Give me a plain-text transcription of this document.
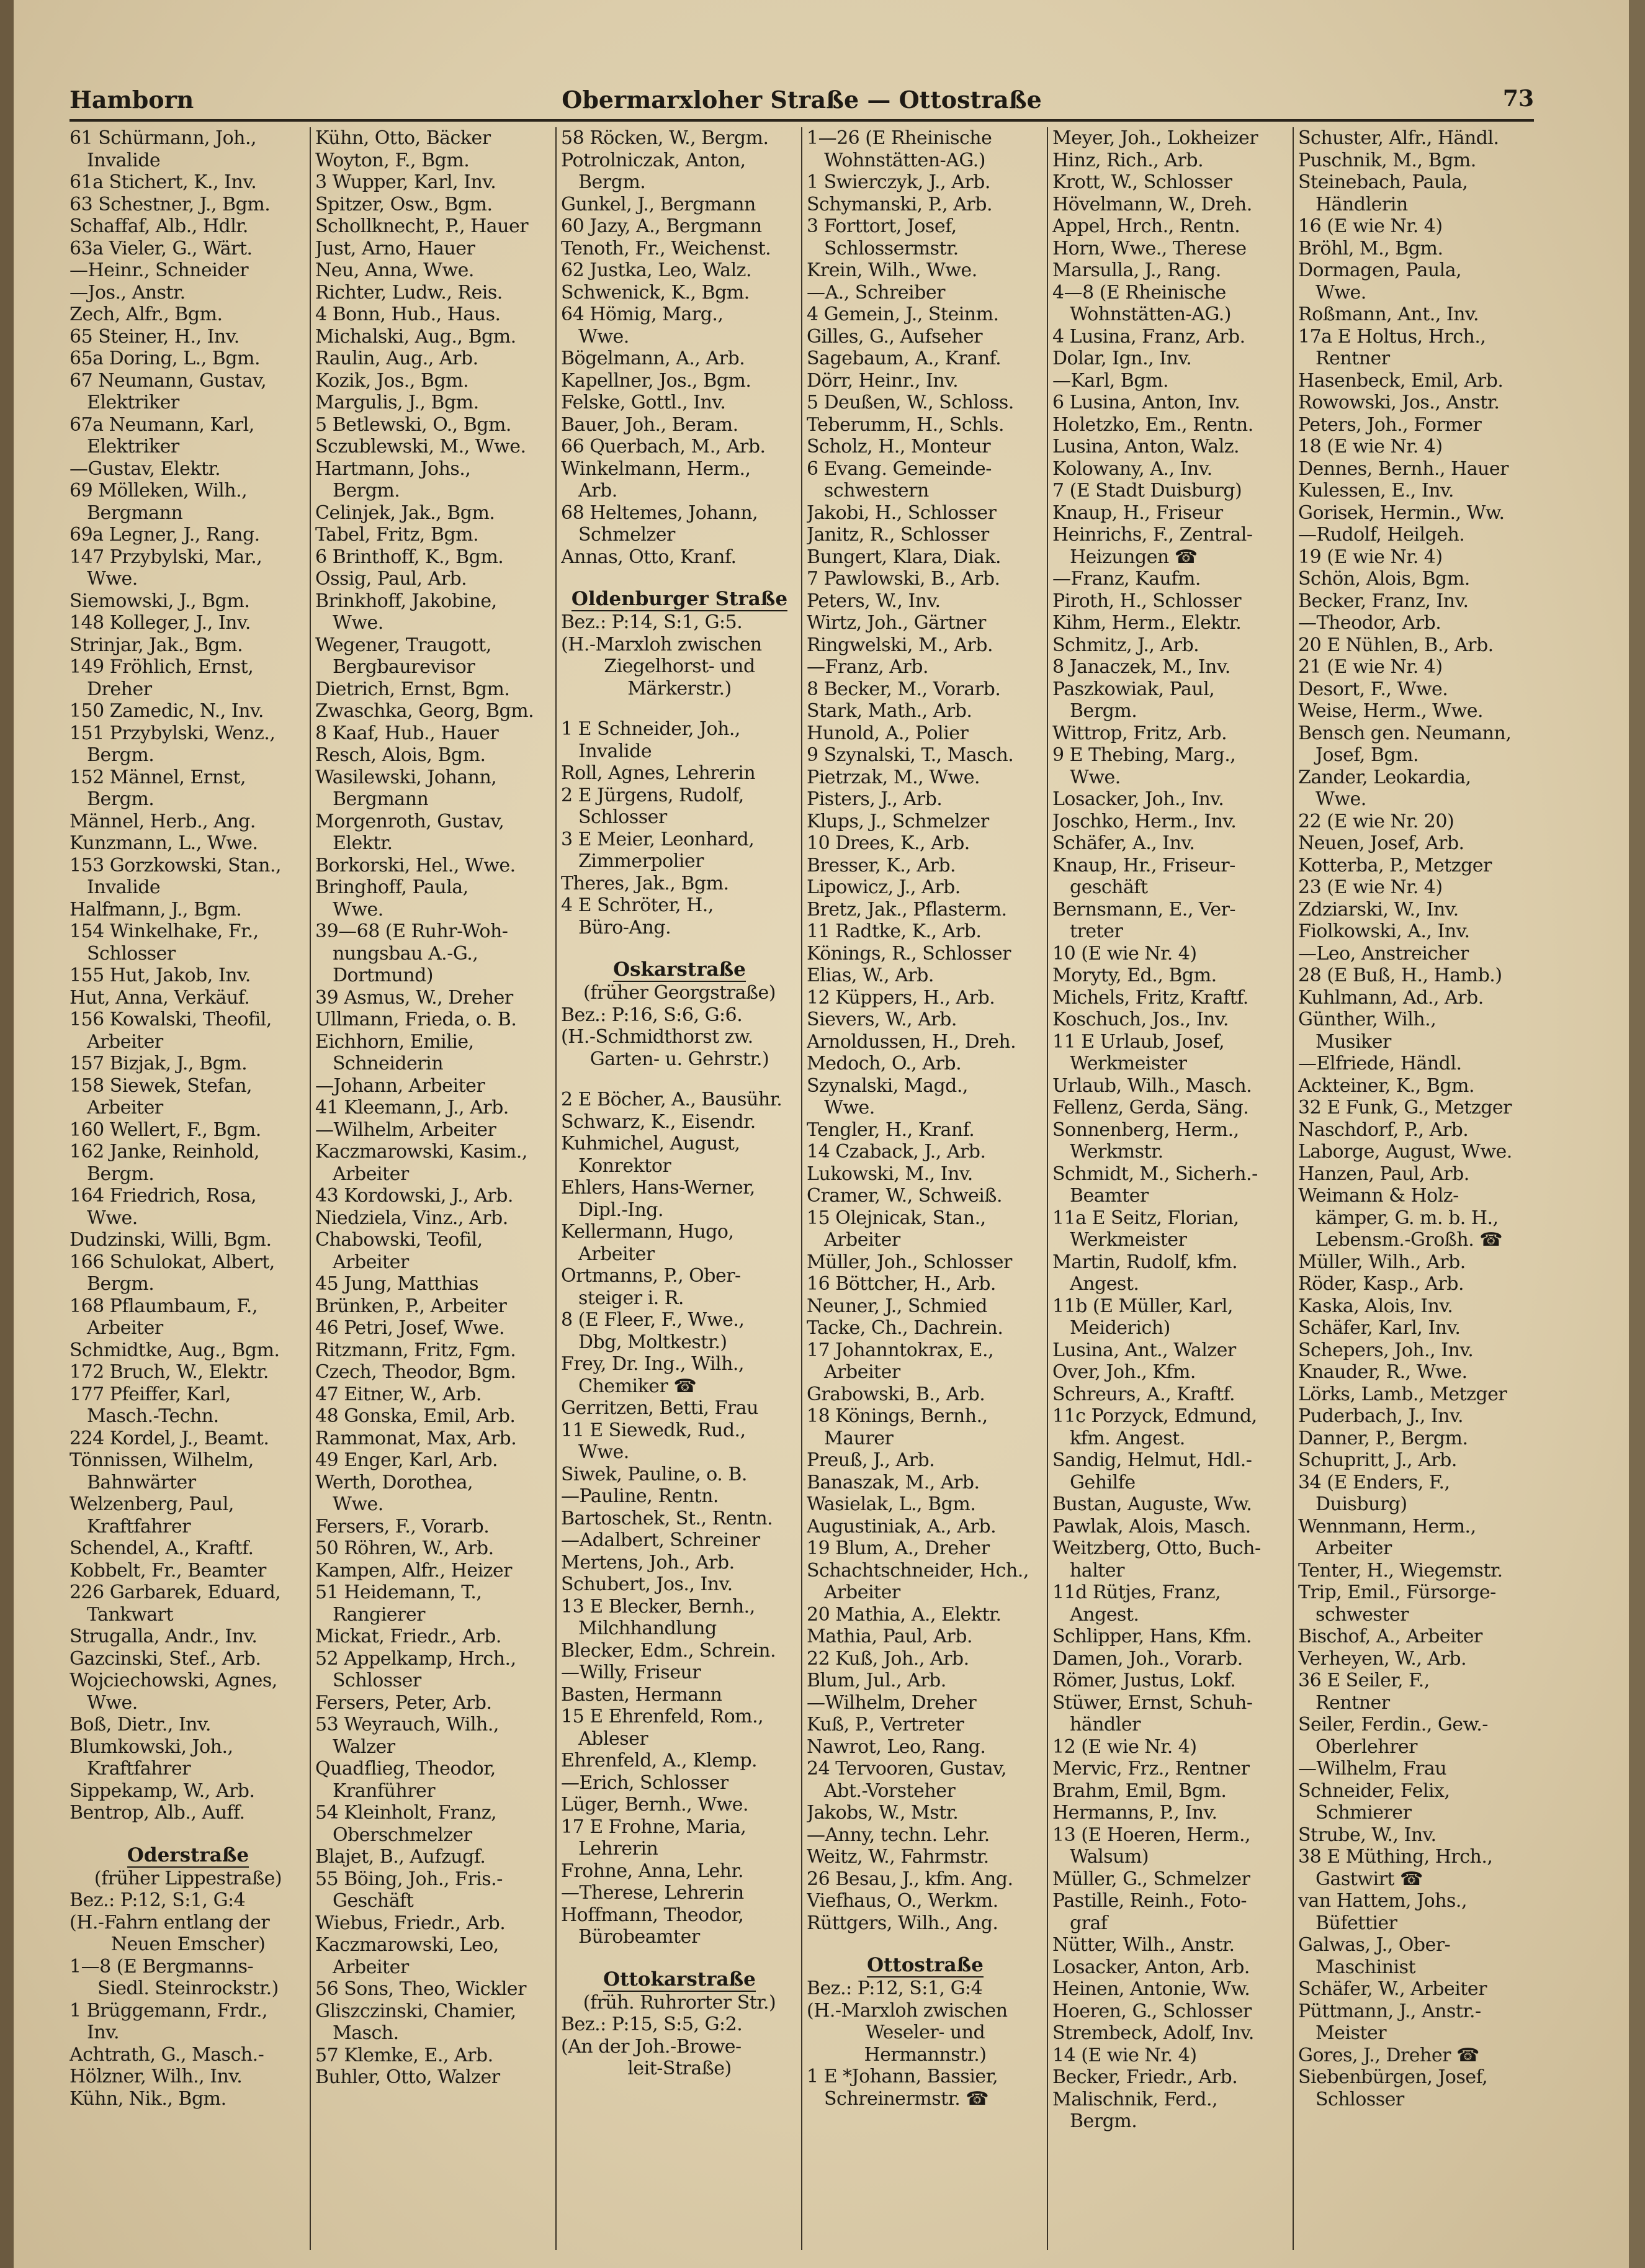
Obermarxloher Straße — Ottostraße
Hamborn	73
61 Schürmann, Joh.,
Invalide
61a Stichert, K., Inv.
63 Schestner, J., Bgm.
Schaffaf, Alb., Hdlr.
63a Vieler, G., Wärt.
—Heinr., Schneider
—Jos., Anstr.
Zech, Alfr., Bgm.
65 Steiner, H., Inv.
65a Doring, L., Bgm.
67 Neumann, Gustav,
Elektriker
67a Neumann, Karl,
Elektriker
—Gustav, Elektr.
69 Mölleken, Wilh.,
Bergmann
69a Legner, J., Rang.
147 Przybylski, Mar.,
Wwe.
Siemowski, J., Bgm.
148 Kolleger, J., Inv.
Strinjar, Jak., Bgm.
149 Fröhlich, Ernst,
Dreher
150 Zamedic, N., Inv.
151 Przybylski, Wenz.,
Bergm.
152 Männel, Ernst,
Bergm.
Männel, Herb., Ang.
Kunzmann, L., Wwe.
153 Gorzkowski, Stan.,
Invalide
Halfmann, J., Bgm.
154 Winkelhake, Fr.,
Schlosser
155 Hut, Jakob, Inv.
Hut, Anna, Verkäuf.
156 Kowalski, Theofil,
Arbeiter
157 Bizjak, J., Bgm.
158 Siewek, Stefan,
Arbeiter
160 Wellert, F., Bgm.
162 Janke, Reinhold,
Bergm.
164 Friedrich, Rosa,
Wwe.
Dudzinski, Willi, Bgm.
166 Schulokat, Albert,
Bergm.
168 Pflaumbaum, F.,
Arbeiter
Schmidtke, Aug., Bgm.
172 Bruch, W., Elektr.
177 Pfeiffer, Karl,
Masch.-Techn.
224 Kordel, J., Beamt.
Tönnissen, Wilhelm,
Bahnwärter
Welzenberg, Paul,
Kraftfahrer
Schendel, A., Kraftf.
Kobbelt, Fr., Beamter
226 Garbarek, Eduard,
Tankwart
Strugalla, Andr., Inv.
Gazcinski, Stef., Arb.
Wojciechowski, Agnes,
Wwe.
Boß, Dietr., Inv.
Blumkowski, Joh.,
Kraftfahrer
Sippekamp, W., Arb.
Bentrop, Alb., Auff.
Oderstraße
(früher Lippestraße)
Bez.: P:12, S:1, G:4
(H.-Fahrn entlang der
Neuen Emscher)
1—8 (E Bergmanns-
Siedl. Steinrockstr.)
1 Brüggemann, Frdr.,
Inv.
Achtrath, G., Masch.-
Hölzner, Wilh., Inv.
Kühn, Nik., Bgm.
Kühn, Otto, Bäcker
Woyton, F., Bgm.
3 Wupper, Karl, Inv.
Spitzer, Osw., Bgm.
Schollknecht, P., Hauer
Just, Arno, Hauer
Neu, Anna, Wwe.
Richter, Ludw., Reis.
4 Bonn, Hub., Haus.
Michalski, Aug., Bgm.
Raulin, Aug., Arb.
Kozik, Jos., Bgm.
Margulis, J., Bgm.
5 Betlewski, O., Bgm.
Sczublewski, M., Wwe.
Hartmann, Johs.,
Bergm.
Celinjek, Jak., Bgm.
Tabel, Fritz, Bgm.
6 Brinthoff, K., Bgm.
Ossig, Paul, Arb.
Brinkhoff, Jakobine,
Wwe.
Wegener, Traugott,
Bergbaurevisor
Dietrich, Ernst, Bgm.
Zwaschka, Georg, Bgm.
8 Kaaf, Hub., Hauer
Resch, Alois, Bgm.
Wasilewski, Johann,
Bergmann
Morgenroth, Gustav,
Elektr.
Borkorski, Hel., Wwe.
Bringhoff, Paula,
Wwe.
39—68 (E Ruhr-Woh-
nungsbau A.-G.,
Dortmund)
39 Asmus, W., Dreher
Ullmann, Frieda, o. B.
Eichhorn, Emilie,
Schneiderin
—Johann, Arbeiter
41 Kleemann, J., Arb.
—Wilhelm, Arbeiter
Kaczmarowski, Kasim.,
Arbeiter
43 Kordowski, J., Arb.
Niedziela, Vinz., Arb.
Chabowski, Teofil,
Arbeiter
45 Jung, Matthias
Brünken, P., Arbeiter
46 Petri, Josef, Wwe.
Ritzmann, Fritz, Fgm.
Czech, Theodor, Bgm.
47 Eitner, W., Arb.
48 Gonska, Emil, Arb.
Rammonat, Max, Arb.
49 Enger, Karl, Arb.
Werth, Dorothea,
Wwe.
Fersers, F., Vorarb.
50 Röhren, W., Arb.
Kampen, Alfr., Heizer
51 Heidemann, T.,
Rangierer
Mickat, Friedr., Arb.
52 Appelkamp, Hrch.,
Schlosser
Fersers, Peter, Arb.
53 Weyrauch, Wilh.,
Walzer
Quadflieg, Theodor,
Kranführer
54 Kleinholt, Franz,
Oberschmelzer
Blajet, B., Aufzugf.
55 Böing, Joh., Fris.-
Geschäft
Wiebus, Friedr., Arb.
Kaczmarowski, Leo,
Arbeiter
56 Sons, Theo, Wickler
Gliszczinski, Chamier,
Masch.
57 Klemke, E., Arb.
Buhler, Otto, Walzer
58 Röcken, W., Bergm.
Potrolniczak, Anton,
Bergm.
Gunkel, J., Bergmann
60 Jazy, A., Bergmann
Tenoth, Fr., Weichenst.
62 Justka, Leo, Walz.
Schwenick, K., Bgm.
64 Hömig, Marg.,
Wwe.
Bögelmann, A., Arb.
Kapellner, Jos., Bgm.
Felske, Gottl., Inv.
Bauer, Joh., Beram.
66 Querbach, M., Arb.
Winkelmann, Herm.,
Arb.
68 Heltemes, Johann,
Schmelzer
Annas, Otto, Kranf.
Oldenburger Straße
Bez.: P:14, S:1, G:5.
(H.-Marxloh zwischen
Ziegelhorst- und
Märkerstr.)
1 E Schneider, Joh.,
Invalide
Roll, Agnes, Lehrerin
2 E Jürgens, Rudolf,
Schlosser
3 E Meier, Leonhard,
Zimmerpolier
Theres, Jak., Bgm.
4 E Schröter, H.,
Büro-Ang.
Oskarstraße
(früher Georgstraße)
Bez.: P:16, S:6, G:6.
(H.-Schmidthorst zw.
Garten- u. Gehrstr.)
2 E Böcher, A., Bausühr.
Schwarz, K., Eisendr.
Kuhmichel, August,
Konrektor
Ehlers, Hans-Werner,
Dipl.-Ing.
Kellermann, Hugo,
Arbeiter
Ortmanns, P., Ober-
steiger i. R.
8 (E Fleer, F., Wwe.,
Dbg, Moltkestr.)
Frey, Dr. Ing., Wilh.,
Chemiker ☎
Gerritzen, Betti, Frau
11 E Siewedk, Rud.,
Wwe.
Siwek, Pauline, o. B.
—Pauline, Rentn.
Bartoschek, St., Rentn.
—Adalbert, Schreiner
Mertens, Joh., Arb.
Schubert, Jos., Inv.
13 E Blecker, Bernh.,
Milchhandlung
Blecker, Edm., Schrein.
—Willy, Friseur
Basten, Hermann
15 E Ehrenfeld, Rom.,
Ableser
Ehrenfeld, A., Klemp.
—Erich, Schlosser
Lüger, Bernh., Wwe.
17 E Frohne, Maria,
Lehrerin
Frohne, Anna, Lehr.
—Therese, Lehrerin
Hoffmann, Theodor,
Bürobeamter
Ottokarstraße
(früh. Ruhrorter Str.)
Bez.: P:15, S:5, G:2.
(An der Joh.-Browe-
leit-Straße)
1—26 (E Rheinische
Wohnstätten-AG.)
1 Swierczyk, J., Arb.
Schymanski, P., Arb.
3 Forttort, Josef,
Schlossermstr.
Krein, Wilh., Wwe.
—A., Schreiber
4 Gemein, J., Steinm.
Gilles, G., Aufseher
Sagebaum, A., Kranf.
Dörr, Heinr., Inv.
5 Deußen, W., Schloss.
Teberumm, H., Schls.
Scholz, H., Monteur
6 Evang. Gemeinde-
schwestern
Jakobi, H., Schlosser
Janitz, R., Schlosser
Bungert, Klara, Diak.
7 Pawlowski, B., Arb.
Peters, W., Inv.
Wirtz, Joh., Gärtner
Ringwelski, M., Arb.
—Franz, Arb.
8 Becker, M., Vorarb.
Stark, Math., Arb.
Hunold, A., Polier
9 Szynalski, T., Masch.
Pietrzak, M., Wwe.
Pisters, J., Arb.
Klups, J., Schmelzer
10 Drees, K., Arb.
Bresser, K., Arb.
Lipowicz, J., Arb.
Bretz, Jak., Pflasterm.
11 Radtke, K., Arb.
Könings, R., Schlosser
Elias, W., Arb.
12 Küppers, H., Arb.
Sievers, W., Arb.
Arnoldussen, H., Dreh.
Medoch, O., Arb.
Szynalski, Magd.,
Wwe.
Tengler, H., Kranf.
14 Czaback, J., Arb.
Lukowski, M., Inv.
Cramer, W., Schweiß.
15 Olejnicak, Stan.,
Arbeiter
Müller, Joh., Schlosser
16 Böttcher, H., Arb.
Neuner, J., Schmied
Tacke, Ch., Dachrein.
17 Johanntokrax, E.,
Arbeiter
Grabowski, B., Arb.
18 Könings, Bernh.,
Maurer
Preuß, J., Arb.
Banaszak, M., Arb.
Wasielak, L., Bgm.
Augustiniak, A., Arb.
19 Blum, A., Dreher
Schachtschneider, Hch.,
Arbeiter
20 Mathia, A., Elektr.
Mathia, Paul, Arb.
22 Kuß, Joh., Arb.
Blum, Jul., Arb.
—Wilhelm, Dreher
Kuß, P., Vertreter
Nawrot, Leo, Rang.
24 Tervooren, Gustav,
Abt.-Vorsteher
Jakobs, W., Mstr.
—Anny, techn. Lehr.
Weitz, W., Fahrmstr.
26 Besau, J., kfm. Ang.
Viefhaus, O., Werkm.
Rüttgers, Wilh., Ang.
Ottostraße
Bez.: P:12, S:1, G:4
(H.-Marxloh zwischen
Weseler- und
Hermannstr.)
1 E *Johann, Bassier,
Schreinermstr. ☎
Meyer, Joh., Lokheizer
Hinz, Rich., Arb.
Krott, W., Schlosser
Hövelmann, W., Dreh.
Appel, Hrch., Rentn.
Horn, Wwe., Therese
Marsulla, J., Rang.
4—8 (E Rheinische
Wohnstätten-AG.)
4 Lusina, Franz, Arb.
Dolar, Ign., Inv.
—Karl, Bgm.
6 Lusina, Anton, Inv.
Holetzko, Em., Rentn.
Lusina, Anton, Walz.
Kolowany, A., Inv.
7 (E Stadt Duisburg)
Knaup, H., Friseur
Heinrichs, F., Zentral-
Heizungen ☎
—Franz, Kaufm.
Piroth, H., Schlosser
Kihm, Herm., Elektr.
Schmitz, J., Arb.
8 Janaczek, M., Inv.
Paszkowiak, Paul,
Bergm.
Wittrop, Fritz, Arb.
9 E Thebing, Marg.,
Wwe.
Losacker, Joh., Inv.
Joschko, Herm., Inv.
Schäfer, A., Inv.
Knaup, Hr., Friseur-
geschäft
Bernsmann, E., Ver-
treter
10 (E wie Nr. 4)
Moryty, Ed., Bgm.
Michels, Fritz, Kraftf.
Koschuch, Jos., Inv.
11 E Urlaub, Josef,
Werkmeister
Urlaub, Wilh., Masch.
Fellenz, Gerda, Säng.
Sonnenberg, Herm.,
Werkmstr.
Schmidt, M., Sicherh.-
Beamter
11a E Seitz, Florian,
Werkmeister
Martin, Rudolf, kfm.
Angest.
11b (E Müller, Karl,
Meiderich)
Lusina, Ant., Walzer
Over, Joh., Kfm.
Schreurs, A., Kraftf.
11c Porzyck, Edmund,
kfm. Angest.
Sandig, Helmut, Hdl.-
Gehilfe
Bustan, Auguste, Ww.
Pawlak, Alois, Masch.
Weitzberg, Otto, Buch-
halter
11d Rütjes, Franz,
Angest.
Schlipper, Hans, Kfm.
Damen, Joh., Vorarb.
Römer, Justus, Lokf.
Stüwer, Ernst, Schuh-
händler
12 (E wie Nr. 4)
Mervic, Frz., Rentner
Brahm, Emil, Bgm.
Hermanns, P., Inv.
13 (E Hoeren, Herm.,
Walsum)
Müller, G., Schmelzer
Pastille, Reinh., Foto-
graf
Nütter, Wilh., Anstr.
Losacker, Anton, Arb.
Heinen, Antonie, Ww.
Hoeren, G., Schlosser
Strembeck, Adolf, Inv.
14 (E wie Nr. 4)
Becker, Friedr., Arb.
Malischnik, Ferd.,
Bergm.
Schuster, Alfr., Händl.
Puschnik, M., Bgm.
Steinebach, Paula,
Händlerin
16 (E wie Nr. 4)
Bröhl, M., Bgm.
Dormagen, Paula,
Wwe.
Roßmann, Ant., Inv.
17a E Holtus, Hrch.,
Rentner
Hasenbeck, Emil, Arb.
Rowowski, Jos., Anstr.
Peters, Joh., Former
18 (E wie Nr. 4)
Dennes, Bernh., Hauer
Kulessen, E., Inv.
Gorisek, Hermin., Ww.
—Rudolf, Heilgeh.
19 (E wie Nr. 4)
Schön, Alois, Bgm.
Becker, Franz, Inv.
—Theodor, Arb.
20 E Nühlen, B., Arb.
21 (E wie Nr. 4)
Desort, F., Wwe.
Weise, Herm., Wwe.
Bensch gen. Neumann,
Josef, Bgm.
Zander, Leokardia,
Wwe.
22 (E wie Nr. 20)
Neuen, Josef, Arb.
Kotterba, P., Metzger
23 (E wie Nr. 4)
Zdziarski, W., Inv.
Fiolkowski, A., Inv.
—Leo, Anstreicher
28 (E Buß, H., Hamb.)
Kuhlmann, Ad., Arb.
Günther, Wilh.,
Musiker
—Elfriede, Händl.
Ackteiner, K., Bgm.
32 E Funk, G., Metzger
Naschdorf, P., Arb.
Laborge, August, Wwe.
Hanzen, Paul, Arb.
Weimann & Holz-
kämper, G. m. b. H.,
Lebensm.-Großh. ☎
Müller, Wilh., Arb.
Röder, Kasp., Arb.
Kaska, Alois, Inv.
Schäfer, Karl, Inv.
Schepers, Joh., Inv.
Knauder, R., Wwe.
Lörks, Lamb., Metzger
Puderbach, J., Inv.
Danner, P., Bergm.
Schupritt, J., Arb.
34 (E Enders, F.,
Duisburg)
Wennmann, Herm.,
Arbeiter
Tenter, H., Wiegemstr.
Trip, Emil., Fürsorge-
schwester
Bischof, A., Arbeiter
Verheyen, W., Arb.
36 E Seiler, F.,
Rentner
Seiler, Ferdin., Gew.-
Oberlehrer
—Wilhelm, Frau
Schneider, Felix,
Schmierer
Strube, W., Inv.
38 E Müthing, Hrch.,
Gastwirt ☎
van Hattem, Johs.,
Büfettier
Galwas, J., Ober-
Maschinist
Schäfer, W., Arbeiter
Püttmann, J., Anstr.-
Meister
Gores, J., Dreher ☎
Siebenbürgen, Josef,
Schlosser
